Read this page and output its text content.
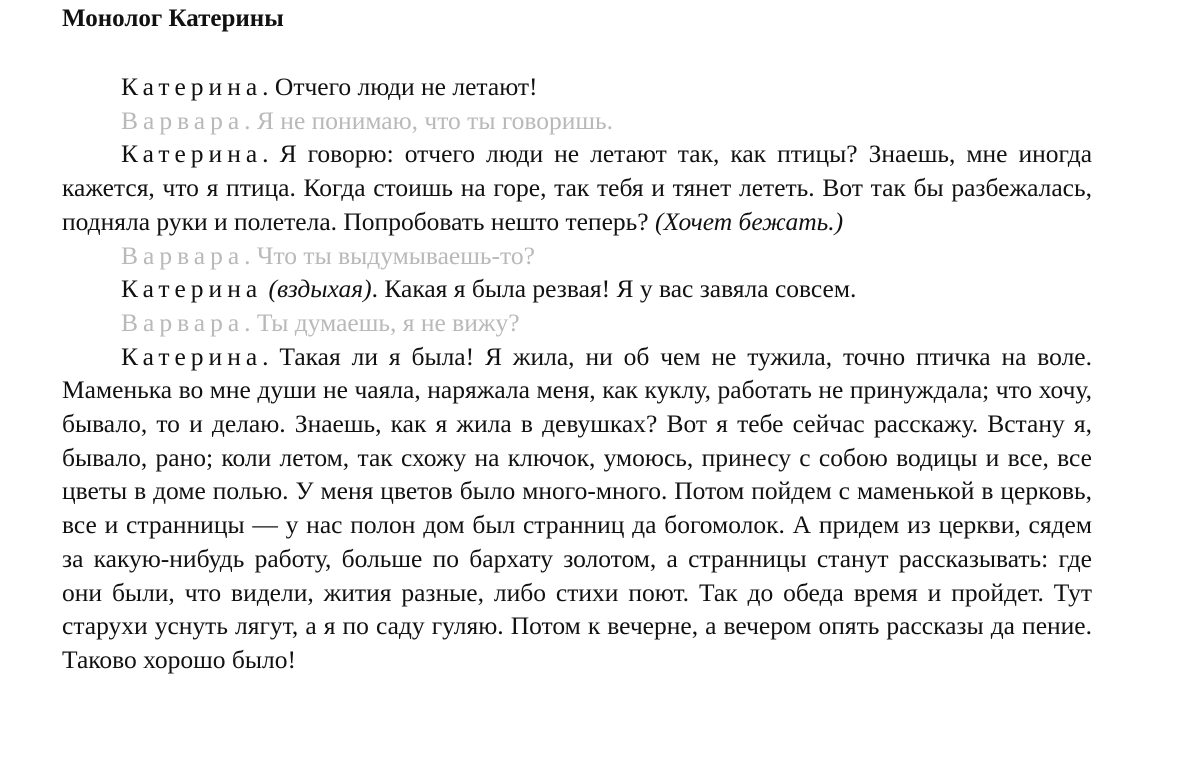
Монолог Катерины

Катерина. Отчего люди не летают!

Варвара. Я не понимаю, что ты говоришь.

Катерина. Я говорю: отчего люди не летают так, как птицы? Знаешь, мне иногда кажется, что я птица. Когда стоишь на горе, так тебя и тянет лететь. Вот так бы разбежалась, подняла руки и полетела. Попробовать нешто теперь? (Хочет бежать.)

Варвара. Что ты выдумываешь-то?

Катерина (вздыхая). Какая я была резвая! Я у вас завяла совсем.

Варвара. Ты думаешь, я не вижу?

Катерина. Такая ли я была! Я жила, ни об чем не тужила, точно птичка на воле. Маменька во мне души не чаяла, наряжала меня, как куклу, работать не принуждала; что хочу, бывало, то и делаю. Знаешь, как я жила в девушках? Вот я тебе сейчас расскажу. Встану я, бывало, рано; коли летом, так схожу на ключок, умоюсь, принесу с собою водицы и все, все цветы в доме полью. У меня цветов было много-много. Потом пойдем с маменькой в церковь, все и странницы — у нас полон дом был странниц да богомолок. А придем из церкви, сядем за какую-нибудь работу, больше по бархату золотом, а странницы станут рассказывать: где они были, что видели, жития разные, либо стихи поют. Так до обеда время и пройдет. Тут старухи уснуть лягут, а я по саду гуляю. Потом к вечерне, а вечером опять рассказы да пение. Таково хорошо было!
